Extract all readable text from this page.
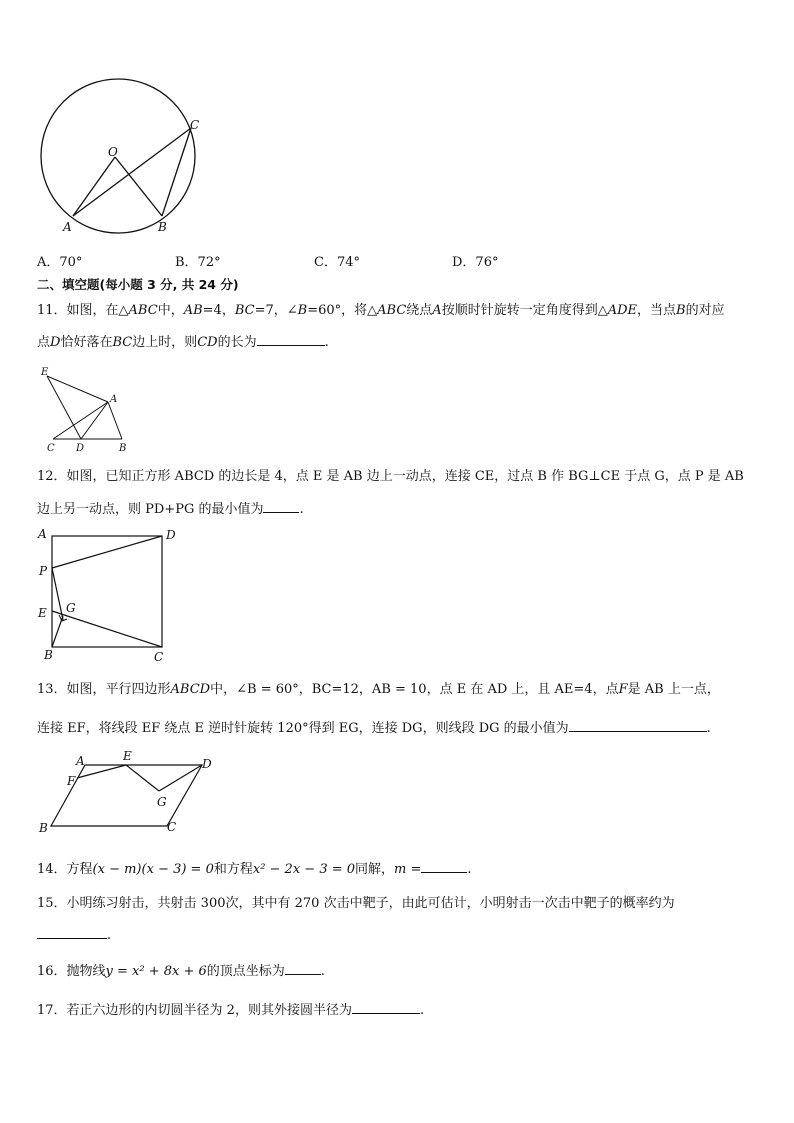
O
C
A	B
A．70°	B．72°	C．74°	D．76°
二、填空题(每小题 3 分, 共 24 分)
11．如图，在△ABC中，AB=4，BC=7，∠B=60°，将△ABC绕点A按顺时针旋转一定角度得到△ADE，当点B的对应
点D恰好落在BC边上时，则CD的长为	.
E
A
C D	B
12．如图，已知正方形 ABCD 的边长是 4，点 E 是 AB 边上一动点，连接 CE，过点 B 作 BG⊥CE 于点 G，点 P 是 AB
边上另一动点，则 PD+PG 的最小值为	.
A	D
P
E G
B	C
13．如图，平行四边形ABCD中，∠B = 60°，BC=12，AB = 10，点 E 在 AD 上，且 AE=4，点F是 AB 上一点，
连接 EF，将线段 EF 绕点 E 逆时针旋转 120°得到 EG，连接 DG，则线段 DG 的最小值为	.
A	E
D
F
G
B	C
14．方程(x − m)(x − 3) = 0和方程x² − 2x − 3 = 0同解，m =	.
15．小明练习射击，共射击 300次，其中有 270 次击中靶子，由此可估计，小明射击一次击中靶子的概率约为
.
16．抛物线y = x² + 8x + 6的顶点坐标为	.
17．若正六边形的内切圆半径为 2，则其外接圆半径为	.
